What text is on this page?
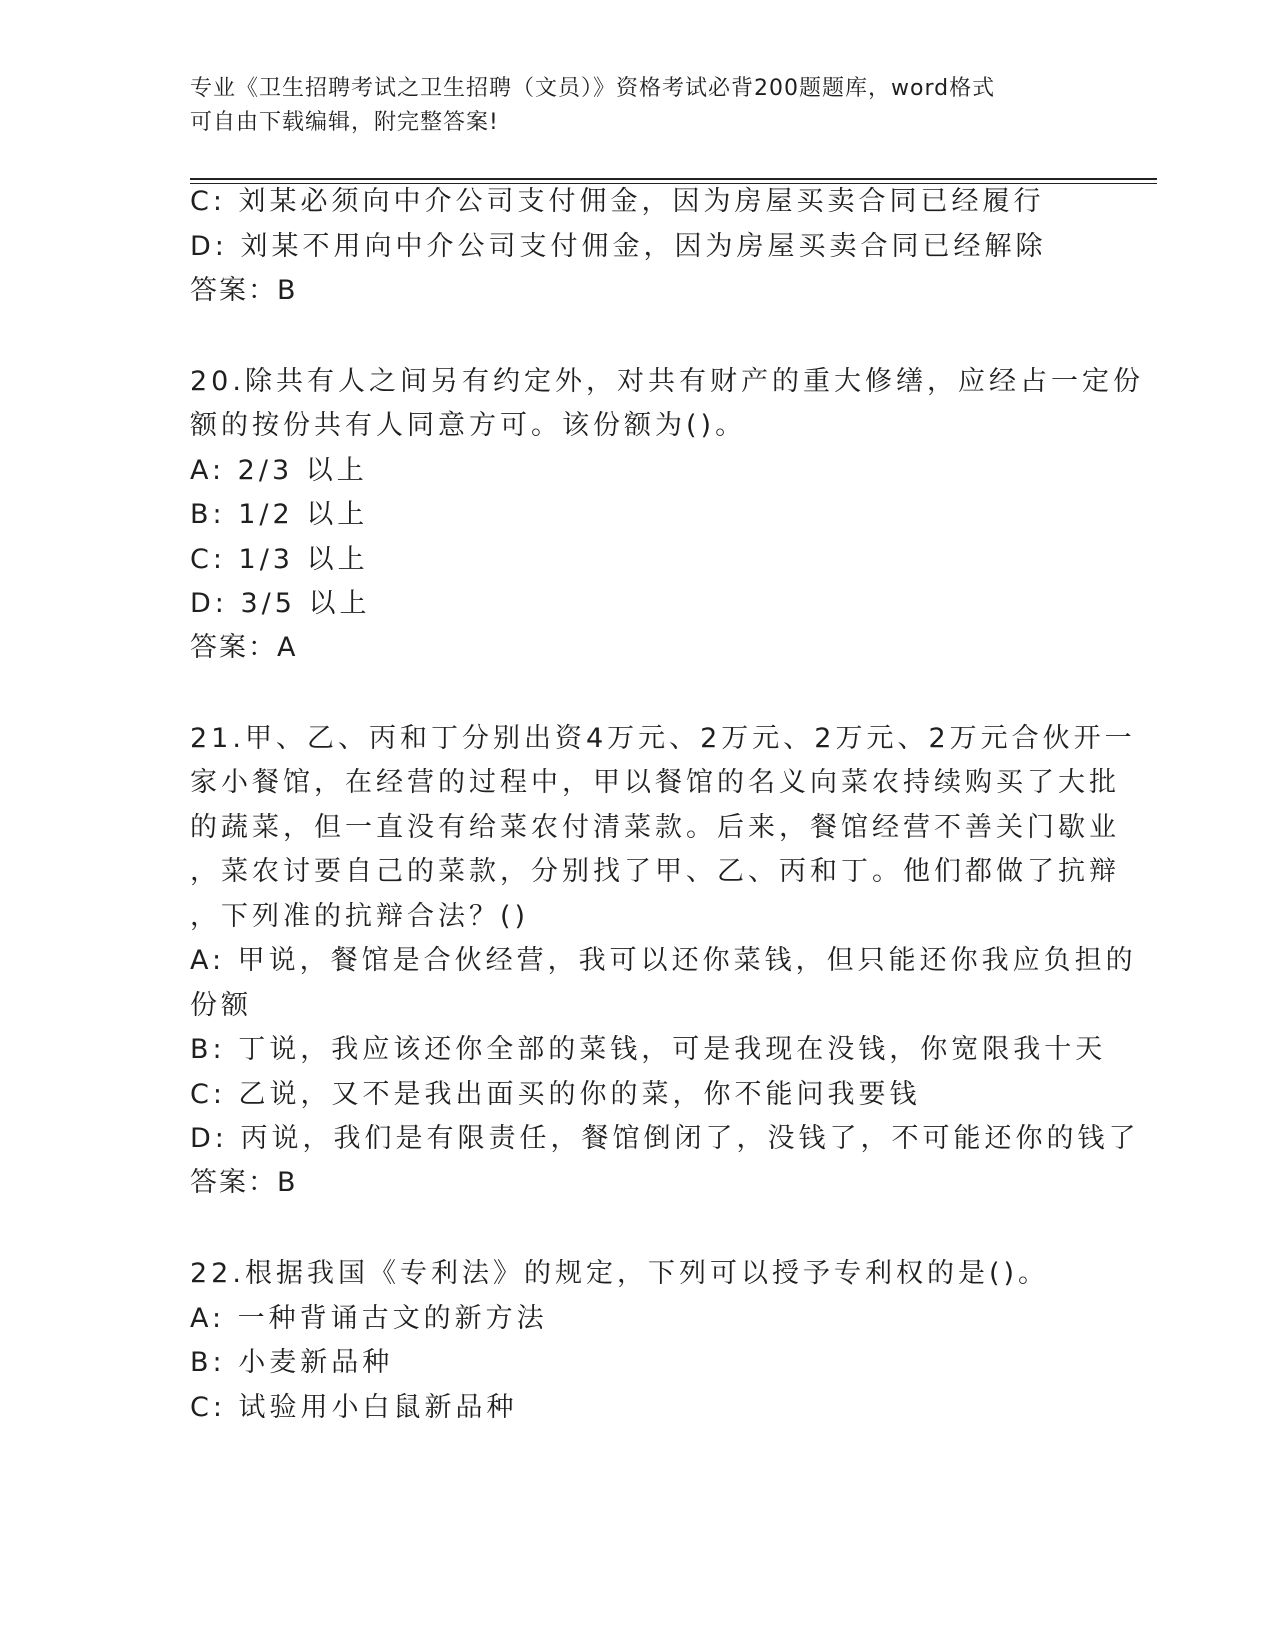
专业《卫生招聘考试之卫生招聘（文员）》资格考试必背200题题库，word格式
可自由下载编辑，附完整答案!
C: 刘某必须向中介公司支付佣金，因为房屋买卖合同已经履行
D: 刘某不用向中介公司支付佣金，因为房屋买卖合同已经解除
答案：B
20.除共有人之间另有约定外，对共有财产的重大修缮，应经占一定份
额的按份共有人同意方可。该份额为()。
A: 2/3 以上
B: 1/2 以上
C: 1/3 以上
D: 3/5 以上
答案：A
21.甲、乙、丙和丁分别出资4万元、2万元、2万元、2万元合伙开一
家小餐馆，在经营的过程中，甲以餐馆的名义向菜农持续购买了大批
的蔬菜，但一直没有给菜农付清菜款。后来，餐馆经营不善关门歇业
，菜农讨要自己的菜款，分别找了甲、乙、丙和丁。他们都做了抗辩
，下列准的抗辩合法？()
A: 甲说，餐馆是合伙经营，我可以还你菜钱，但只能还你我应负担的
份额
B: 丁说，我应该还你全部的菜钱，可是我现在没钱，你宽限我十天
C: 乙说，又不是我出面买的你的菜，你不能问我要钱
D: 丙说，我们是有限责任，餐馆倒闭了，没钱了，不可能还你的钱了
答案：B
22.根据我国《专利法》的规定，下列可以授予专利权的是()。
A: 一种背诵古文的新方法
B: 小麦新品种
C: 试验用小白鼠新品种
